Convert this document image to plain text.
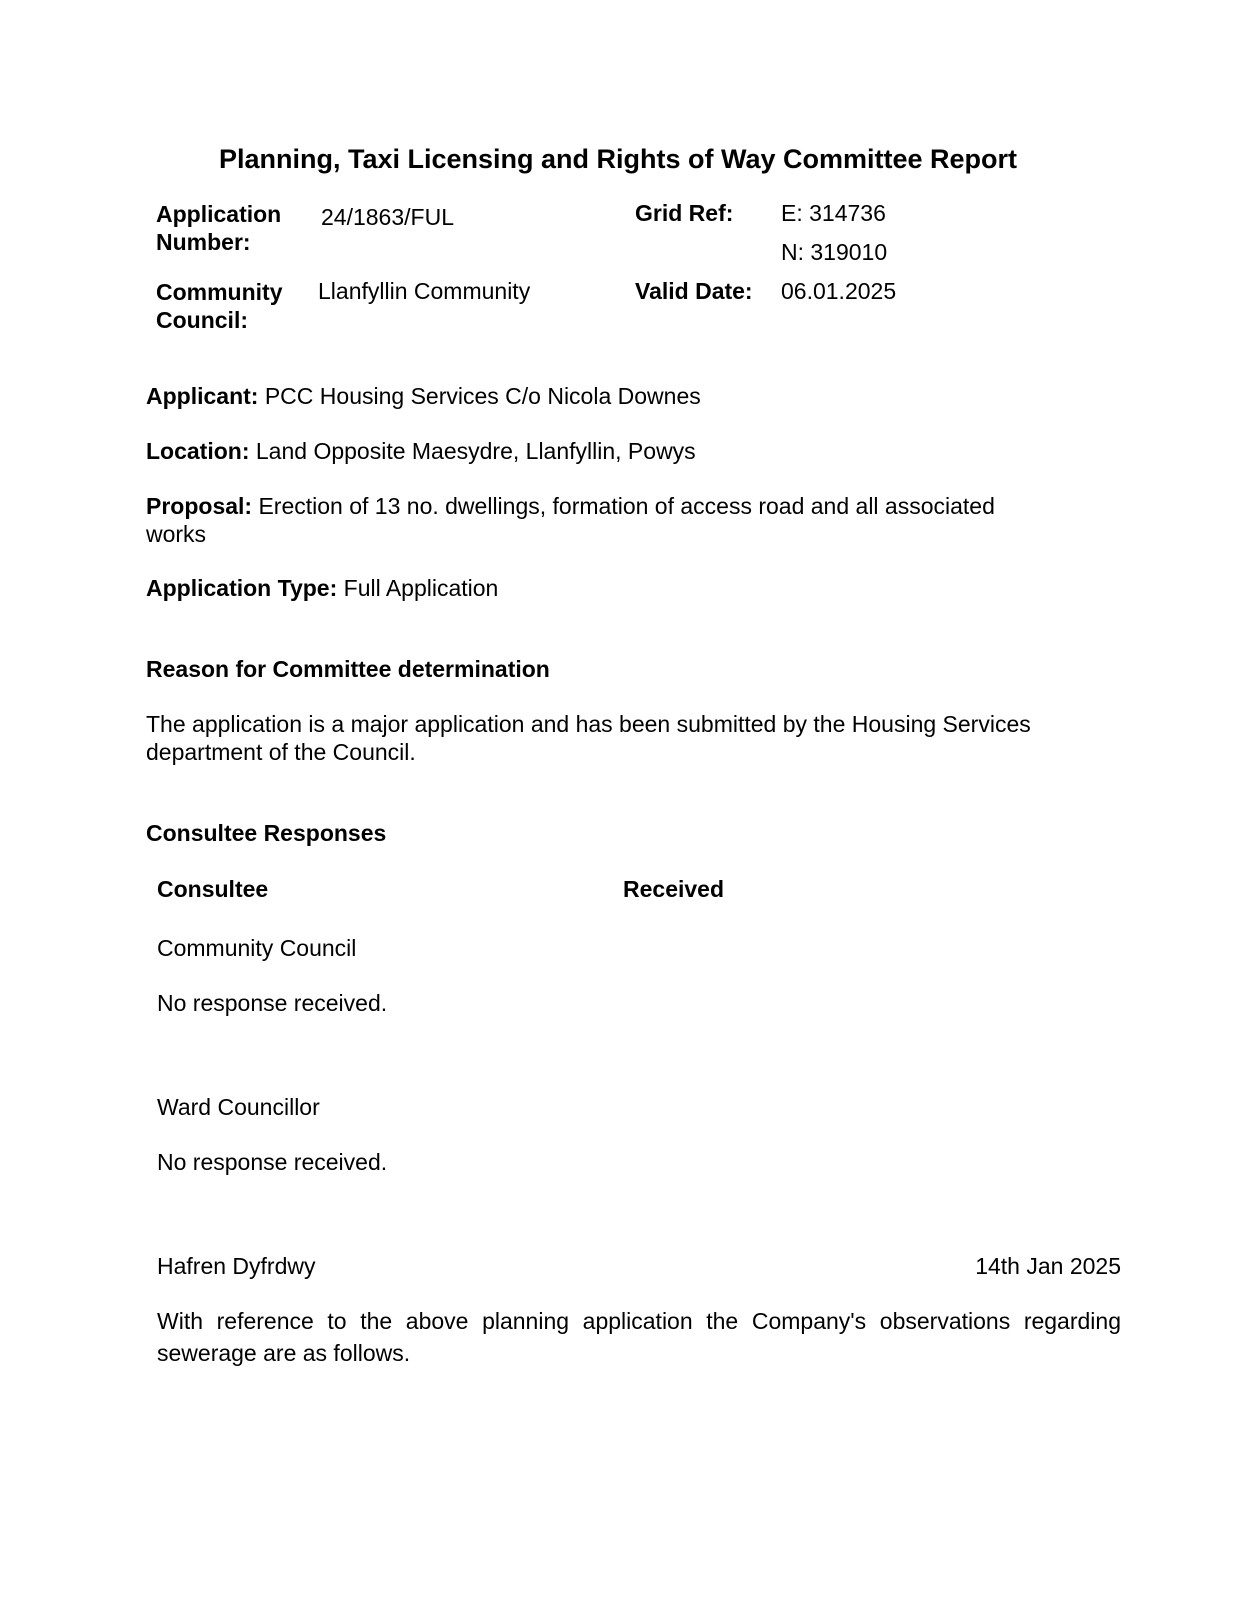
Planning, Taxi Licensing and Rights of Way Committee Report
Application
Number:
24/1863/FUL	Grid Ref: E: 314736
N: 319010
Community
Council:
Llanfyllin Community	Valid Date: 06.01.2025
Applicant: PCC Housing Services C/o Nicola Downes
Location: Land Opposite Maesydre, Llanfyllin, Powys
Proposal: Erection of 13 no. dwellings, formation of access road and all associated works
Application Type: Full Application
Reason for Committee determination
The application is a major application and has been submitted by the Housing Services department of the Council.
Consultee Responses
Consultee	Received
Community Council
No response received.
Ward Councillor
No response received.
Hafren Dyfrdwy	14th Jan 2025
With reference to the above planning application the Company's observations regarding sewerage are as follows.
